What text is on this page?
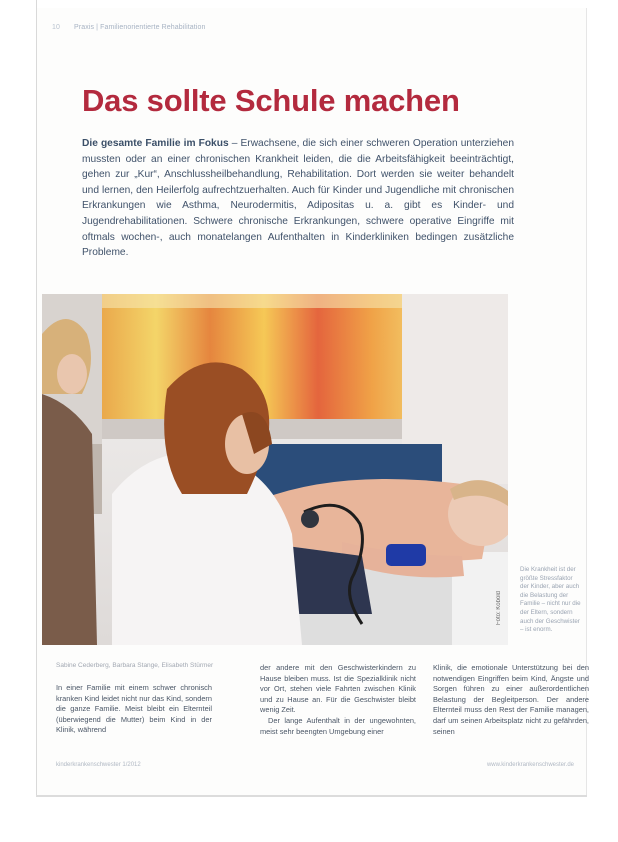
10 Praxis | Familienorientierte Rehabilitation
Das sollte Schule machen
Die gesamte Familie im Fokus – Erwachsene, die sich einer schweren Operation unterziehen mussten oder an einer chronischen Krankheit leiden, die die Arbeitsfähigkeit beeinträchtigt, gehen zur „Kur“, Anschlussheilbehandlung, Rehabilitation. Dort werden sie weiter behandelt und lernen, den Heilerfolg aufrechtzuerhalten. Auch für Kinder und Jugendliche mit chronischen Erkrankungen wie Asthma, Neurodermitis, Adipositas u. a. gibt es Kinder- und Jugendrehabilitationen. Schwere chronische Erkrankungen, schwere operative Eingriffe mit oftmals wochen-, auch monatelangen Aufenthalten in Kinderkliniken bedingen zusätzliche Probleme.
Foto: Kobold
Die Krankheit ist der größte Stressfaktor der Kinder, aber auch die Belastung der Familie – nicht nur die der Eltern, sondern auch der Geschwister – ist enorm.
Sabine Cederberg, Barbara Stange, Elisabeth Stürmer

In einer Familie mit einem schwer chronisch kranken Kind leidet nicht nur das Kind, sondern die ganze Familie. Meist bleibt ein Elternteil (überwiegend die Mutter) beim Kind in der Klinik, während

der andere mit den Geschwisterkindern zu Hause bleiben muss. Ist die Spezialklinik nicht vor Ort, stehen viele Fahrten zwischen Klinik und zu Hause an. Für die Geschwister bleibt wenig Zeit.

Der lange Aufenthalt in der ungewohnten, meist sehr beengten Umgebung einer

Klinik, die emotionale Unterstützung bei den notwendigen Eingriffen beim Kind, Ängste und Sorgen führen zu einer außerordentlichen Belastung der Begleitperson. Der andere Elternteil muss den Rest der Familie managen, darf um seinen Arbeitsplatz nicht zu gefährden, seinen

kinderkrankenschwester 1/2012	www.kinderkrankenschwester.de
